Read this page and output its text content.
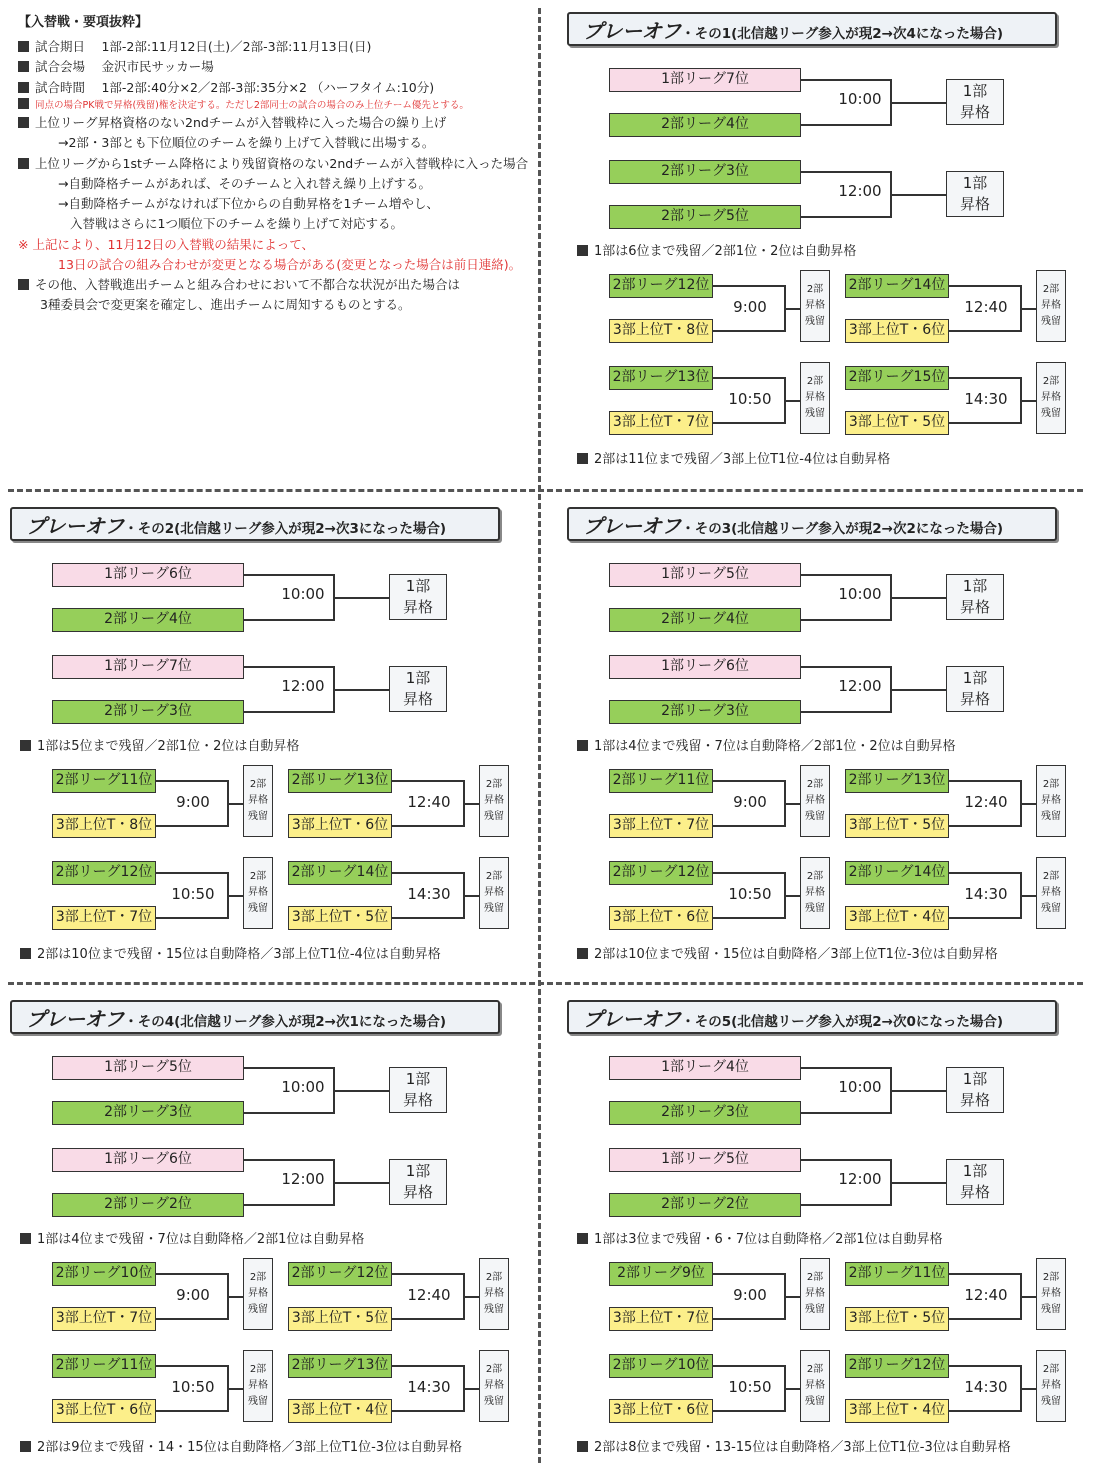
【入替戦・要項抜粋】
試合期日　 1部-2部:11月12日(土)／2部-3部:11月13日(日)
試合会場　 金沢市民サッカー場
試合時間　 1部-2部:40分×2／2部-3部:35分×2 （ハーフタイム:10分)
同点の場合PK戦で昇格(残留)権を決定する。ただし2部同士の試合の場合のみ上位チーム優先とする。
上位リーグ昇格資格のない2ndチームが入替戦枠に入った場合の繰り上げ
→2部・3部とも下位順位のチームを繰り上げて入替戦に出場する。
上位リーグから1stチーム降格により残留資格のない2ndチームが入替戦枠に入った場合
→自動降格チームがあれば、そのチームと入れ替え繰り上げする。
→自動降格チームがなければ下位からの自動昇格を1チーム増やし、
入替戦はさらに1つ順位下のチームを繰り上げて対応する。
※ 上記により、11月12日の入替戦の結果によって、
13日の試合の組み合わせが変更となる場合がある(変更となった場合は前日連絡)。
その他、入替戦進出チームと組み合わせにおいて不都合な状況が出た場合は
3種委員会で変更案を確定し、進出チームに周知するものとする。
プレーオフ・その1(北信越リーグ参入が現2→次4になった場合)
1部リーグ7位
2部リーグ4位
10:00	1部
昇格
2部リーグ3位
2部リーグ5位
12:00	1部
昇格
1部は6位まで残留／2部1位・2位は自動昇格
2部リーグ12位
3部上位T・8位
9:00
2部
昇格
残留
2部リーグ14位
3部上位T・6位
12:40
2部
昇格
残留
2部リーグ13位
3部上位T・7位
10:50
2部
昇格
残留
2部リーグ15位
3部上位T・5位
14:30
2部
昇格
残留
2部は11位まで残留／3部上位T1位-4位は自動昇格
プレーオフ・その2(北信越リーグ参入が現2→次3になった場合)
1部リーグ6位
2部リーグ4位
10:00	1部
昇格
1部リーグ7位
2部リーグ3位
12:00	1部
昇格
1部は5位まで残留／2部1位・2位は自動昇格
2部リーグ11位
3部上位T・8位
9:00
2部
昇格
残留
2部リーグ13位
3部上位T・6位
12:40
2部
昇格
残留
2部リーグ12位
3部上位T・7位
10:50
2部
昇格
残留
2部リーグ14位
3部上位T・5位
14:30
2部
昇格
残留
2部は10位まで残留・15位は自動降格／3部上位T1位-4位は自動昇格
プレーオフ・その3(北信越リーグ参入が現2→次2になった場合)
1部リーグ5位
2部リーグ4位
10:00	1部
昇格
1部リーグ6位
2部リーグ3位
12:00	1部
昇格
1部は4位まで残留・7位は自動降格／2部1位・2位は自動昇格
2部リーグ11位
3部上位T・7位
9:00
2部
昇格
残留
2部リーグ13位
3部上位T・5位
12:40
2部
昇格
残留
2部リーグ12位
3部上位T・6位
10:50
2部
昇格
残留
2部リーグ14位
3部上位T・4位
14:30
2部
昇格
残留
2部は10位まで残留・15位は自動降格／3部上位T1位-3位は自動昇格
プレーオフ・その4(北信越リーグ参入が現2→次1になった場合)
1部リーグ5位
2部リーグ3位
10:00	1部
昇格
1部リーグ6位
2部リーグ2位
12:00	1部
昇格
1部は4位まで残留・7位は自動降格／2部1位は自動昇格
2部リーグ10位
3部上位T・7位
9:00
2部
昇格
残留
2部リーグ12位
3部上位T・5位
12:40
2部
昇格
残留
2部リーグ11位
3部上位T・6位
10:50
2部
昇格
残留
2部リーグ13位
3部上位T・4位
14:30
2部
昇格
残留
2部は9位まで残留・14・15位は自動降格／3部上位T1位-3位は自動昇格
プレーオフ・その5(北信越リーグ参入が現2→次0になった場合)
1部リーグ4位
2部リーグ3位
10:00	1部
昇格
1部リーグ5位
2部リーグ2位
12:00	1部
昇格
1部は3位まで残留・6・7位は自動降格／2部1位は自動昇格
2部リーグ9位
3部上位T・7位
9:00
2部
昇格
残留
2部リーグ11位
3部上位T・5位
12:40
2部
昇格
残留
2部リーグ10位
3部上位T・6位
10:50
2部
昇格
残留
2部リーグ12位
3部上位T・4位
14:30
2部
昇格
残留
2部は8位まで残留・13-15位は自動降格／3部上位T1位-3位は自動昇格
